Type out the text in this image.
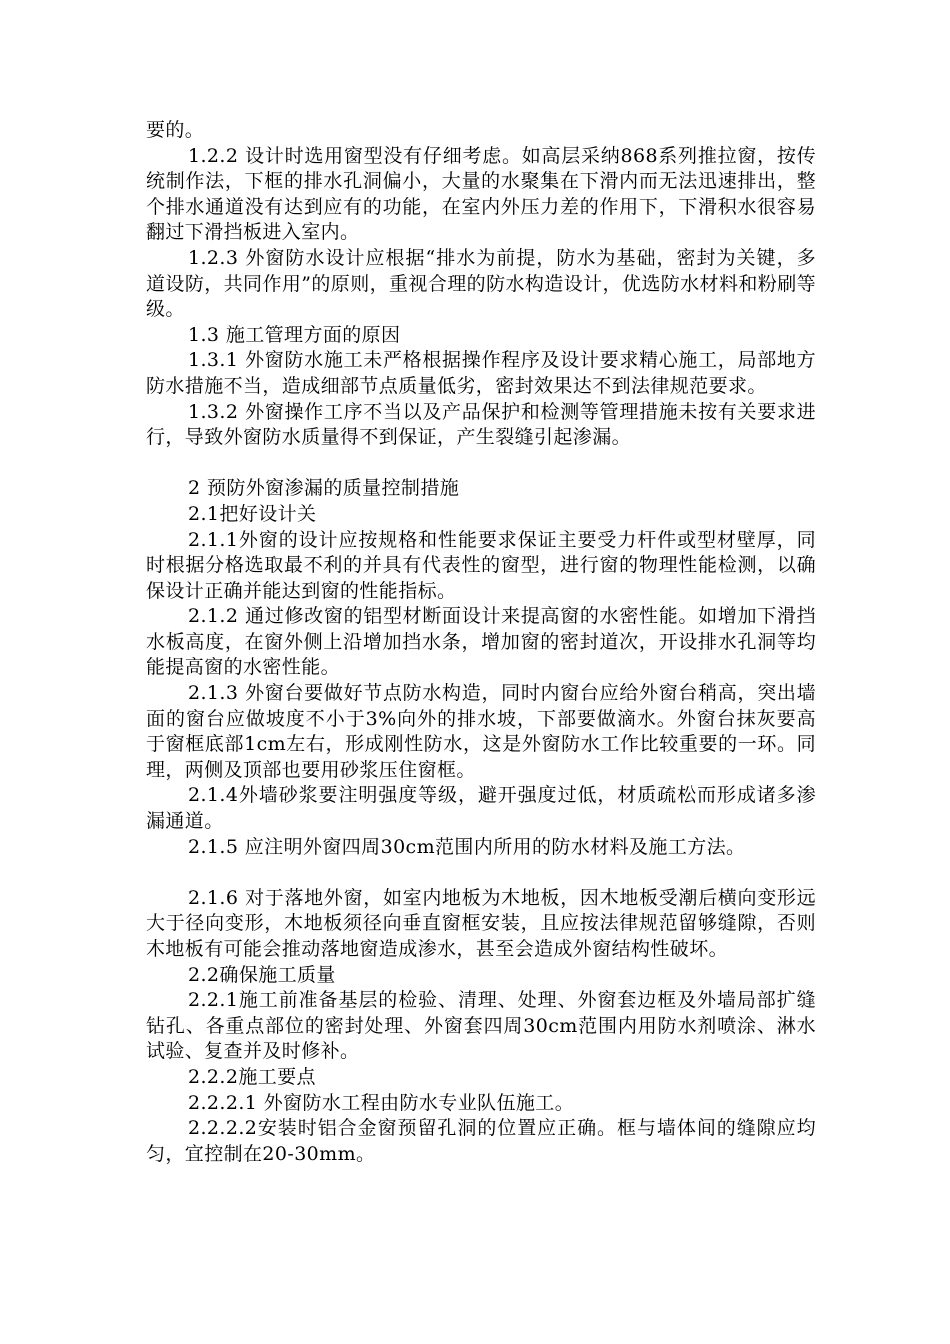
要的。

1.2.2 设计时选用窗型没有仔细考虑。如高层采纳868系列推拉窗，按传统制作法，下框的排水孔洞偏小，大量的水聚集在下滑内而无法迅速排出，整个排水通道没有达到应有的功能，在室内外压力差的作用下，下滑积水很容易翻过下滑挡板进入室内。

1.2.3 外窗防水设计应根据“排水为前提，防水为基础，密封为关键，多道设防，共同作用”的原则，重视合理的防水构造设计，优选防水材料和粉刷等级。

1.3 施工管理方面的原因

1.3.1 外窗防水施工未严格根据操作程序及设计要求精心施工，局部地方防水措施不当，造成细部节点质量低劣，密封效果达不到法律规范要求。

1.3.2 外窗操作工序不当以及产品保护和检测等管理措施未按有关要求进行，导致外窗防水质量得不到保证，产生裂缝引起渗漏。

2 预防外窗渗漏的质量控制措施

2.1把好设计关

2.1.1外窗的设计应按规格和性能要求保证主要受力杆件或型材壁厚，同时根据分格选取最不利的并具有代表性的窗型，进行窗的物理性能检测，以确保设计正确并能达到窗的性能指标。

2.1.2 通过修改窗的铝型材断面设计来提高窗的水密性能。如增加下滑挡水板高度，在窗外侧上沿增加挡水条，增加窗的密封道次，开设排水孔洞等均能提高窗的水密性能。

2.1.3 外窗台要做好节点防水构造，同时内窗台应给外窗台稍高，突出墙面的窗台应做坡度不小于3%向外的排水坡，下部要做滴水。外窗台抹灰要高于窗框底部1cm左右，形成刚性防水，这是外窗防水工作比较重要的一环。同理，两侧及顶部也要用砂浆压住窗框。

2.1.4外墙砂浆要注明强度等级，避开强度过低，材质疏松而形成诸多渗漏通道。

2.1.5 应注明外窗四周30cm范围内所用的防水材料及施工方法。

2.1.6 对于落地外窗，如室内地板为木地板，因木地板受潮后横向变形远大于径向变形，木地板须径向垂直窗框安装，且应按法律规范留够缝隙，否则木地板有可能会推动落地窗造成渗水，甚至会造成外窗结构性破坏。

2.2确保施工质量

2.2.1施工前准备基层的检验、清理、处理、外窗套边框及外墙局部扩缝钻孔、各重点部位的密封处理、外窗套四周30cm范围内用防水剂喷涂、淋水试验、复查并及时修补。

2.2.2施工要点

2.2.2.1 外窗防水工程由防水专业队伍施工。

2.2.2.2安装时铝合金窗预留孔洞的位置应正确。框与墙体间的缝隙应均匀，宜控制在20-30mm。
